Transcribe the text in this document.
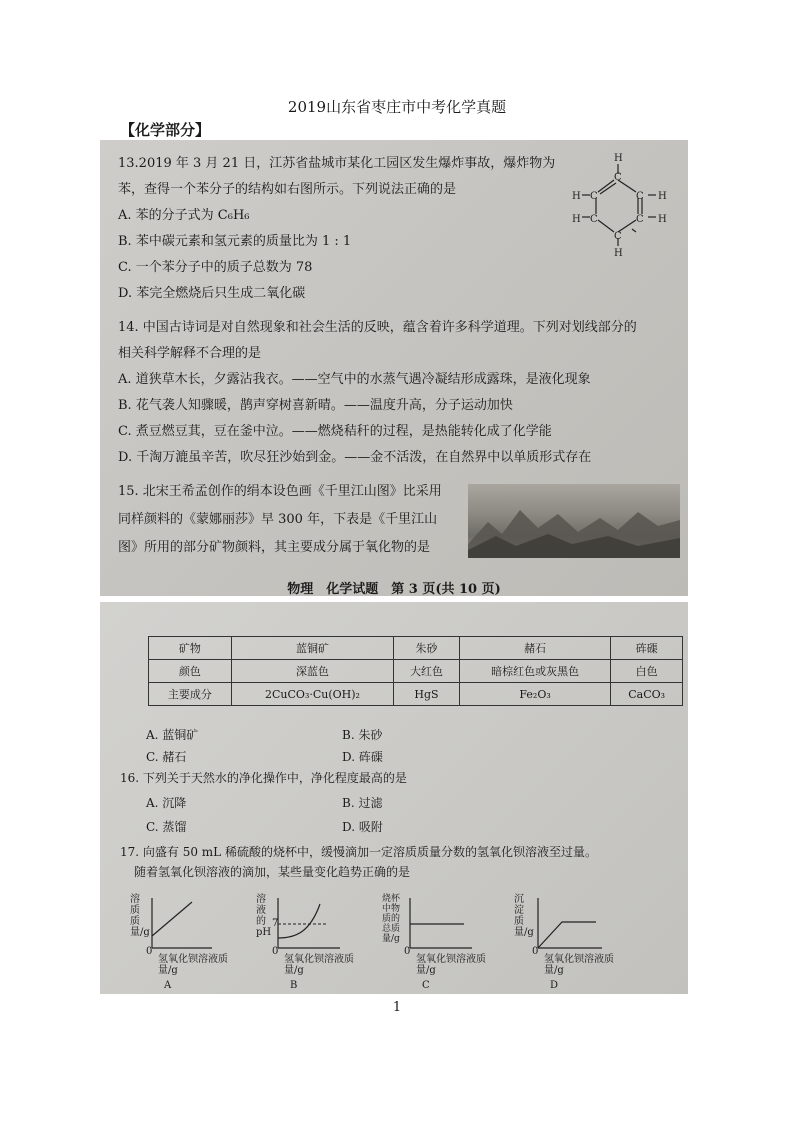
2019山东省枣庄市中考化学真题
【化学部分】
13.2019 年 3 月 21 日，江苏省盐城市某化工园区发生爆炸事故，爆炸物为
苯，查得一个苯分子的结构如右图所示。下列说法正确的是
A. 苯的分子式为 C₆H₆
B. 苯中碳元素和氢元素的质量比为 1 : 1
C. 一个苯分子中的质子总数为 78
D. 苯完全燃烧后只生成二氧化碳
H
C
C
C
C
C
C
H
H
H
H
H
14. 中国古诗词是对自然现象和社会生活的反映，蕴含着许多科学道理。下列对划线部分的
相关科学解释不合理的是
A. 道狭草木长，夕露沾我衣。——空气中的水蒸气遇冷凝结形成露珠，是液化现象
B. 花气袭人知骤暖，鹊声穿树喜新晴。——温度升高，分子运动加快
C. 煮豆燃豆萁，豆在釜中泣。——燃烧秸秆的过程，是热能转化成了化学能
D. 千淘万漉虽辛苦，吹尽狂沙始到金。——金不活泼，在自然界中以单质形式存在
15. 北宋王希孟创作的绢本设色画《千里江山图》比采用
同样颜料的《蒙娜丽莎》早 300 年，下表是《千里江山
图》所用的部分矿物颜料，其主要成分属于氧化物的是
物理　化学试题　第 3 页(共 10 页)
矿物	蓝铜矿	朱砂	赭石	砗磲
颜色	深蓝色	大红色	暗棕红色或灰黑色	白色
主要成分	2CuCO₃·Cu(OH)₂	HgS	Fe₂O₃	CaCO₃
A. 蓝铜矿	B. 朱砂
C. 赭石	D. 砗磲
16. 下列关于天然水的净化操作中，净化程度最高的是
A. 沉降	B. 过滤
C. 蒸馏	D. 吸附
17. 向盛有 50 mL 稀硫酸的烧杯中，缓慢滴加一定溶质质量分数的氢氧化钡溶液至过量。
随着氢氧化钡溶液的滴加，某些量变化趋势正确的是
溶质质量/g
0
氢氧化钡溶液质量/g
A
溶液的pH
7
0
氢氧化钡溶液质量/g
B
烧杯中物质的总质量/g
0
氢氧化钡溶液质量/g
C
沉淀质量/g
0
氢氧化钡溶液质量/g
D
1
